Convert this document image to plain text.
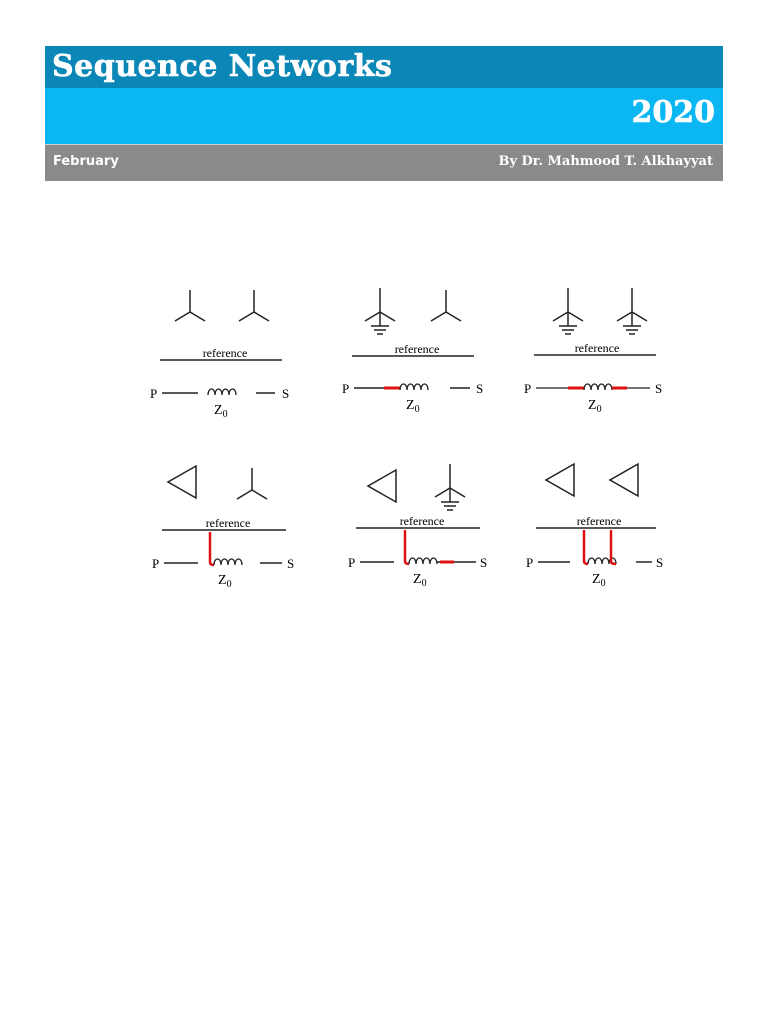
Sequence Networks
2020
February	By Dr. Mahmood T. Alkhayyat
reference
P	S
$Z_0$
reference
P	S
$Z_0$
reference
P	S
$Z_0$
reference
P	S
$Z_0$
reference
P	S
$Z_0$
reference
P	S
$Z_0$
